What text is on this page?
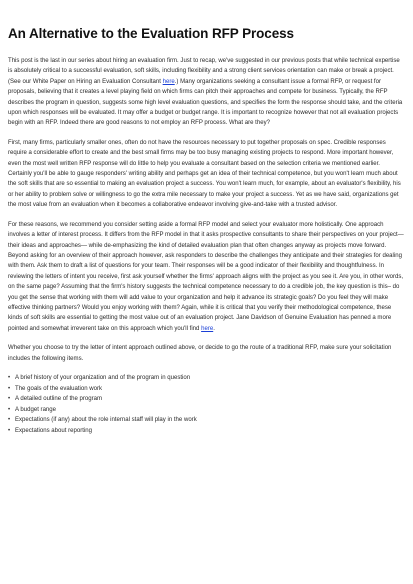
An Alternative to the Evaluation RFP Process

This post is the last in our series about hiring an evaluation firm. Just to recap, we've suggested in our previous posts that while technical expertise is absolutely critical to a successful evaluation, soft skills, including flexibility and a strong client services orientation can make or break a project. (See our White Paper on Hiring an Evaluation Consultant here.) Many organizations seeking a consultant issue a formal RFP, or request for proposals, believing that it creates a level playing field on which firms can pitch their approaches and compete for business. Typically, the RFP describes the program in question, suggests some high level evaluation questions, and specifies the form the response should take, and the criteria upon which responses will be evaluated. It may offer a budget or budget range. It is important to recognize however that not all evaluation projects begin with an RFP. Indeed there are good reasons to not employ an RFP process. What are they?

First, many firms, particularly smaller ones, often do not have the resources necessary to put together proposals on spec. Credible responses require a considerable effort to create and the best small firms may be too busy managing existing projects to respond. More important however, even the most well written RFP response will do little to help you evaluate a consultant based on the selection criteria we mentioned earlier. Certainly you'll be able to gauge responders' writing ability and perhaps get an idea of their technical competence, but you won't learn much about the soft skills that are so essential to making an evaluation project a success. You won't learn much, for example, about an evaluator's flexibility, his or her ability to problem solve or willingness to go the extra mile necessary to make your project a success. Yet as we have said, organizations get the most value from an evaluation when it becomes a collaborative endeavor involving give-and-take with a trusted advisor.

For these reasons, we recommend you consider setting aside a formal RFP model and select your evaluator more holistically. One approach involves a letter of interest process. It differs from the RFP model in that it asks prospective consultants to share their perspectives on your project— their ideas and approaches— while de-emphasizing the kind of detailed evaluation plan that often changes anyway as projects move forward. Beyond asking for an overview of their approach however, ask responders to describe the challenges they anticipate and their strategies for dealing with them. Ask them to draft a list of questions for your team. Their responses will be a good indicator of their flexibility and thoughtfulness. In reviewing the letters of intent you receive, first ask yourself whether the firms' approach aligns with the project as you see it. Are you, in other words, on the same page? Assuming that the firm's history suggests the technical competence necessary to do a credible job, the key question is this– do you get the sense that working with them will add value to your organization and help it advance its strategic goals? Do you feel they will make effective thinking partners? Would you enjoy working with them? Again, while it is critical that you verify their methodological competence, these kinds of soft skills are essential to getting the most value out of an evaluation project. Jane Davidson of Genuine Evaluation has penned a more pointed and somewhat irreverent take on this approach which you'll find here.

Whether you choose to try the letter of intent approach outlined above, or decide to go the route of a traditional RFP, make sure your solicitation includes the following items.

• A brief history of your organization and of the program in question
• The goals of the evaluation work
• A detailed outline of the program
• A budget range
• Expectations (if any) about the role internal staff will play in the work
• Expectations about reporting
